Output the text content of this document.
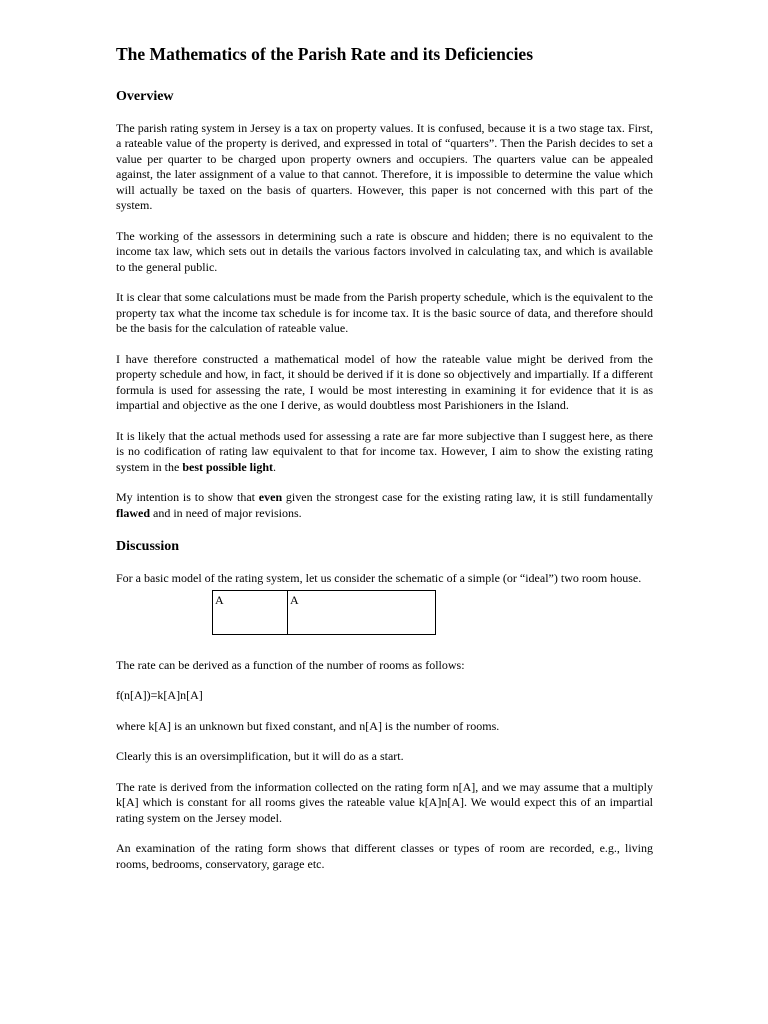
The Mathematics of the Parish Rate and its Deficiencies
Overview

The parish rating system in Jersey is a tax on property values. It is confused, because it is a two stage tax. First, a rateable value of the property is derived, and expressed in total of “quarters”. Then the Parish decides to set a value per quarter to be charged upon property owners and occupiers. The quarters value can be appealed against, the later assignment of a value to that cannot. Therefore, it is impossible to determine the value which will actually be taxed on the basis of quarters. However, this paper is not concerned with this part of the system.

The working of the assessors in determining such a rate is obscure and hidden; there is no equivalent to the income tax law, which sets out in details the various factors involved in calculating tax, and which is available to the general public.

It is clear that some calculations must be made from the Parish property schedule, which is the equivalent to the property tax what the income tax schedule is for income tax. It is the basic source of data, and therefore should be the basis for the calculation of rateable value.

I have therefore constructed a mathematical model of how the rateable value might be derived from the property schedule and how, in fact, it should be derived if it is done so objectively and impartially. If a different formula is used for assessing the rate, I would be most interesting in examining it for evidence that it is as impartial and objective as the one I derive, as would doubtless most Parishioners in the Island.

It is likely that the actual methods used for assessing a rate are far more subjective than I suggest here, as there is no codification of rating law equivalent to that for income tax. However, I aim to show the existing rating system in the best possible light.

My intention is to show that even given the strongest case for the existing rating law, it is still fundamentally flawed and in need of major revisions.

Discussion

For a basic model of the rating system, let us consider the schematic of a simple (or “ideal”) two room house.

A	A

The rate can be derived as a function of the number of rooms as follows:

f(n[A])=k[A]n[A]

where k[A] is an unknown but fixed constant, and n[A] is the number of rooms.

Clearly this is an oversimplification, but it will do as a start.

The rate is derived from the information collected on the rating form n[A], and we may assume that a multiply k[A] which is constant for all rooms gives the rateable value k[A]n[A]. We would expect this of an impartial rating system on the Jersey model.

An examination of the rating form shows that different classes or types of room are recorded, e.g., living rooms, bedrooms, conservatory, garage etc.
